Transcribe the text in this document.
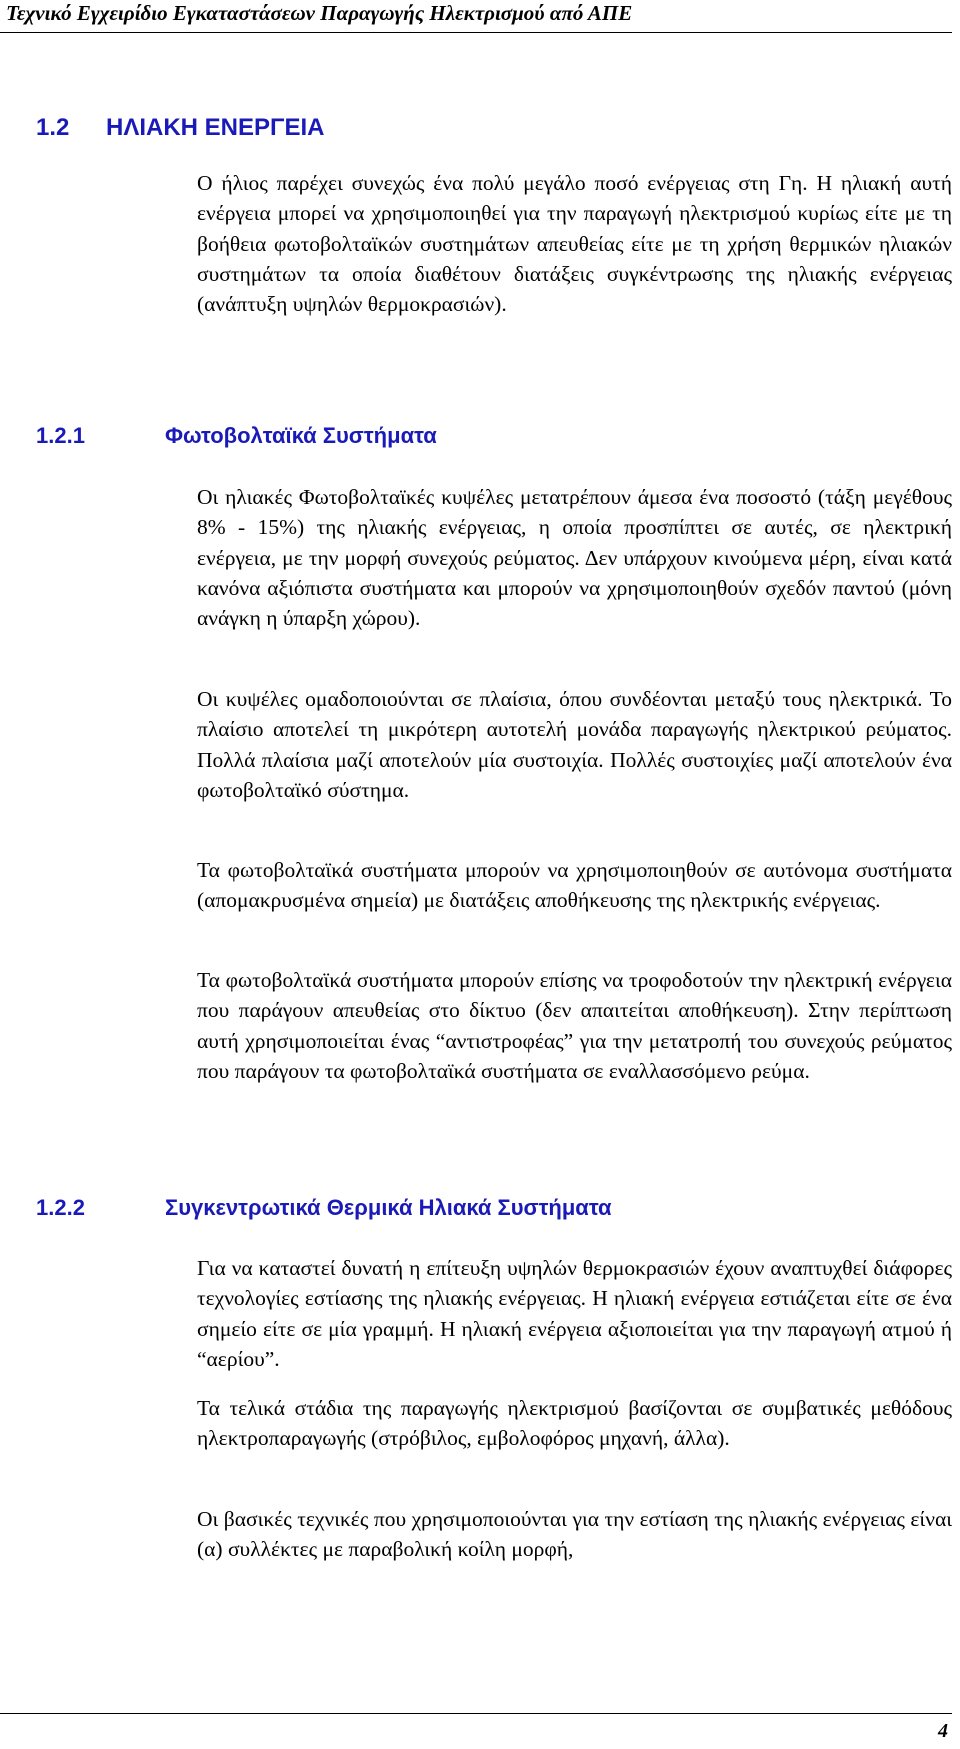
Τεχνικό Εγχειρίδιο Εγκαταστάσεων Παραγωγής Ηλεκτρισμού από ΑΠΕ
1.2 ΗΛΙΑΚΗ ΕΝΕΡΓΕΙΑ

Ο ήλιος παρέχει συνεχώς ένα πολύ μεγάλο ποσό ενέργειας στη Γη. Η ηλιακή αυτή ενέργεια μπορεί να χρησιμοποιηθεί για την παραγωγή ηλεκτρισμού κυρίως είτε με τη βοήθεια φωτοβολταϊκών συστημάτων απευθείας είτε με τη χρήση θερμικών ηλιακών συστημάτων τα οποία διαθέτουν διατάξεις συγκέντρωσης της ηλιακής ενέργειας (ανάπτυξη υψηλών θερμοκρασιών).

1.2.1	Φωτοβολταϊκά Συστήματα

Οι ηλιακές Φωτοβολταϊκές κυψέλες μετατρέπουν άμεσα ένα ποσοστό (τάξη μεγέθους 8% - 15%) της ηλιακής ενέργειας, η οποία προσπίπτει σε αυτές, σε ηλεκτρική ενέργεια, με την μορφή συνεχούς ρεύματος. Δεν υπάρχουν κινούμενα μέρη, είναι κατά κανόνα αξιόπιστα συστήματα και μπορούν να χρησιμοποιηθούν σχεδόν παντού (μόνη ανάγκη η ύπαρξη χώρου).

Οι κυψέλες ομαδοποιούνται σε πλαίσια, όπου συνδέονται μεταξύ τους ηλεκτρικά. Το πλαίσιο αποτελεί τη μικρότερη αυτοτελή μονάδα παραγωγής ηλεκτρικού ρεύματος. Πολλά πλαίσια μαζί αποτελούν μία συστοιχία. Πολλές συστοιχίες μαζί αποτελούν ένα φωτοβολταϊκό σύστημα.

Τα φωτοβολταϊκά συστήματα μπορούν να χρησιμοποιηθούν σε αυτόνομα συστήματα (απομακρυσμένα σημεία) με διατάξεις αποθήκευσης της ηλεκτρικής ενέργειας.

Τα φωτοβολταϊκά συστήματα μπορούν επίσης να τροφοδοτούν την ηλεκτρική ενέργεια που παράγουν απευθείας στο δίκτυο (δεν απαιτείται αποθήκευση). Στην περίπτωση αυτή χρησιμοποιείται ένας “αντιστροφέας” για την μετατροπή του συνεχούς ρεύματος που παράγουν τα φωτοβολταϊκά συστήματα σε εναλλασσόμενο ρεύμα.

1.2.2	Συγκεντρωτικά Θερμικά Ηλιακά Συστήματα

Για να καταστεί δυνατή η επίτευξη υψηλών θερμοκρασιών έχουν αναπτυχθεί διάφορες τεχνολογίες εστίασης της ηλιακής ενέργειας. Η ηλιακή ενέργεια εστιάζεται είτε σε ένα σημείο είτε σε μία γραμμή. Η ηλιακή ενέργεια αξιοποιείται για την παραγωγή ατμού ή “αερίου”.

Τα τελικά στάδια της παραγωγής ηλεκτρισμού βασίζονται σε συμβατικές μεθόδους ηλεκτροπαραγωγής (στρόβιλος, εμβολοφόρος μηχανή, άλλα).

Οι βασικές τεχνικές που χρησιμοποιούνται για την εστίαση της ηλιακής ενέργειας είναι (α) συλλέκτες με παραβολική κοίλη μορφή,

4
